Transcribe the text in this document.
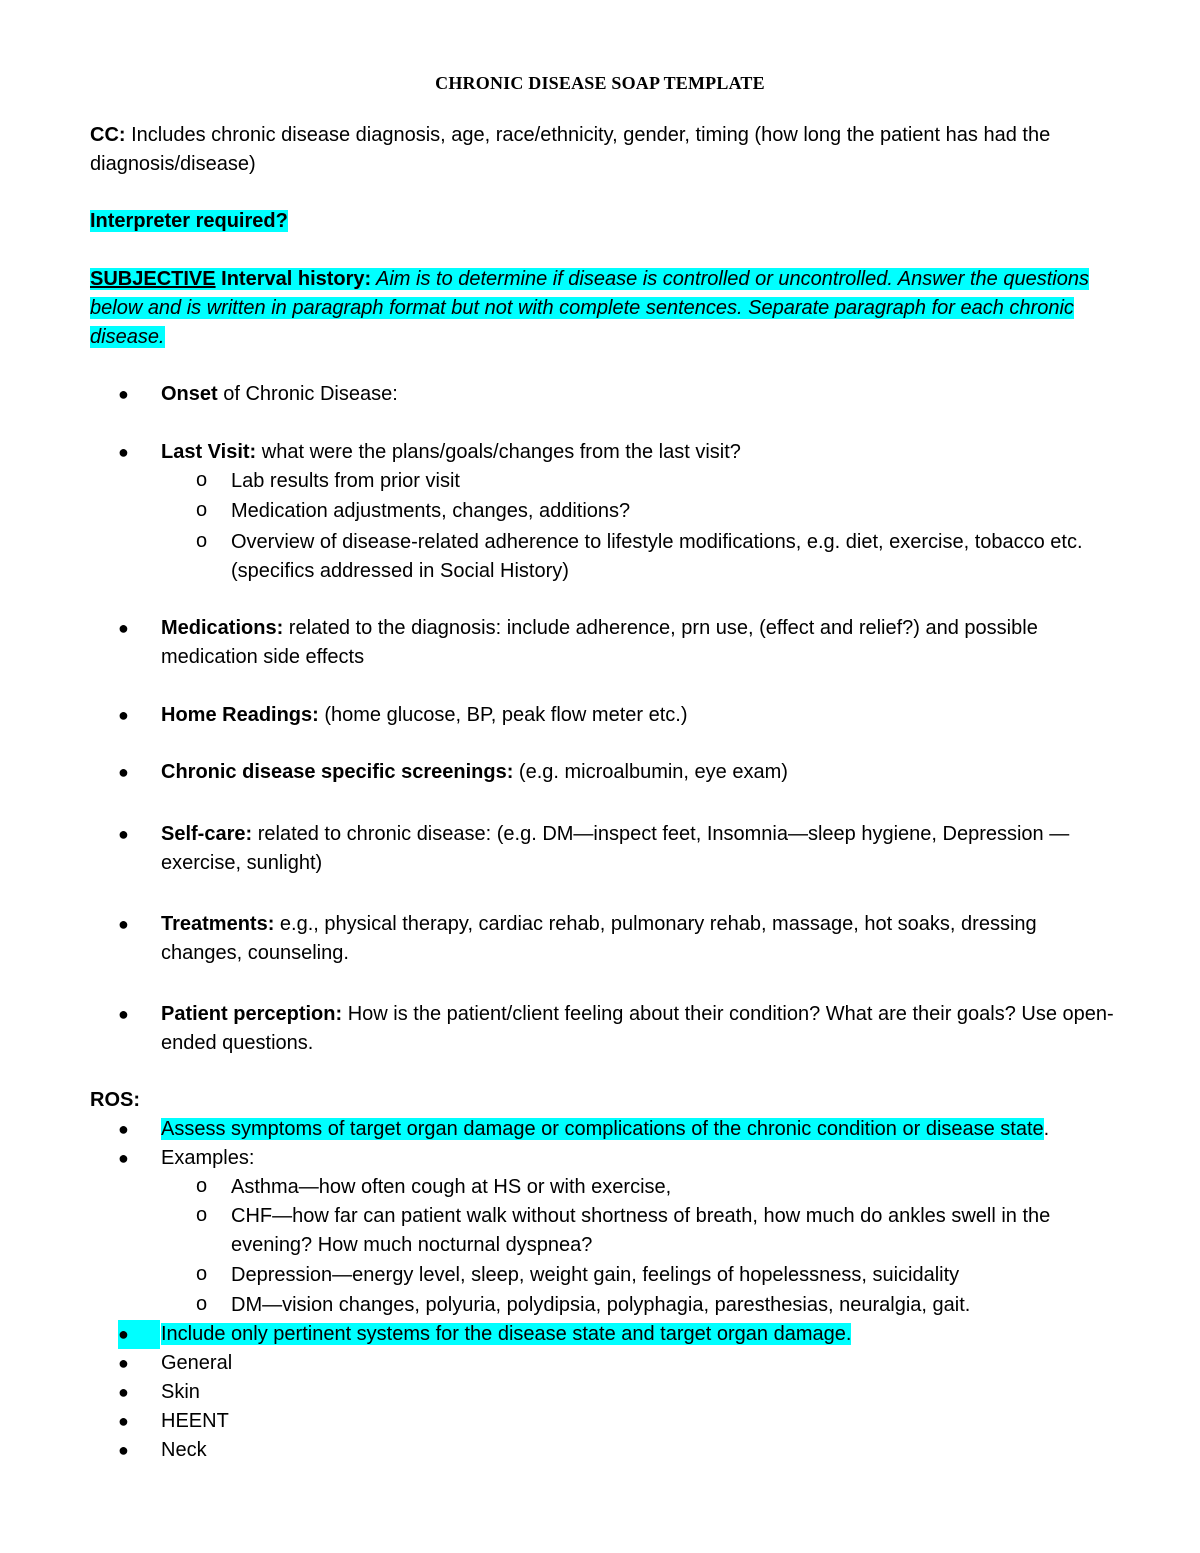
CHRONIC DISEASE SOAP TEMPLATE
CC: Includes chronic disease diagnosis, age, race/ethnicity, gender, timing (how long the patient has had the diagnosis/disease)
Interpreter required?
SUBJECTIVE Interval history: Aim is to determine if disease is controlled or uncontrolled. Answer the questions below and is written in paragraph format but not with complete sentences. Separate paragraph for each chronic disease.
●	Onset of Chronic Disease:
●	Last Visit: what were the plans/goals/changes from the last visit?
o Lab results from prior visit
o Medication adjustments, changes, additions?
o Overview of disease-related adherence to lifestyle modifications, e.g. diet, exercise, tobacco etc. (specifics addressed in Social History)
●	Medications: related to the diagnosis: include adherence, prn use, (effect and relief?) and possible medication side effects
●	Home Readings: (home glucose, BP, peak flow meter etc.)
●	Chronic disease specific screenings: (e.g. microalbumin, eye exam)
●	Self-care: related to chronic disease: (e.g. DM—inspect feet, Insomnia—sleep hygiene, Depression —exercise, sunlight)
●	Treatments: e.g., physical therapy, cardiac rehab, pulmonary rehab, massage, hot soaks, dressing changes, counseling.
●	Patient perception: How is the patient/client feeling about their condition? What are their goals? Use open-ended questions.
ROS:
●	Assess symptoms of target organ damage or complications of the chronic condition or disease state.
●	Examples:
o Asthma—how often cough at HS or with exercise,
o CHF—how far can patient walk without shortness of breath, how much do ankles swell in the evening? How much nocturnal dyspnea?
o Depression—energy level, sleep, weight gain, feelings of hopelessness, suicidality
o DM—vision changes, polyuria, polydipsia, polyphagia, paresthesias, neuralgia, gait.
●	Include only pertinent systems for the disease state and target organ damage.
●	General
●	Skin
●	HEENT
●	Neck
